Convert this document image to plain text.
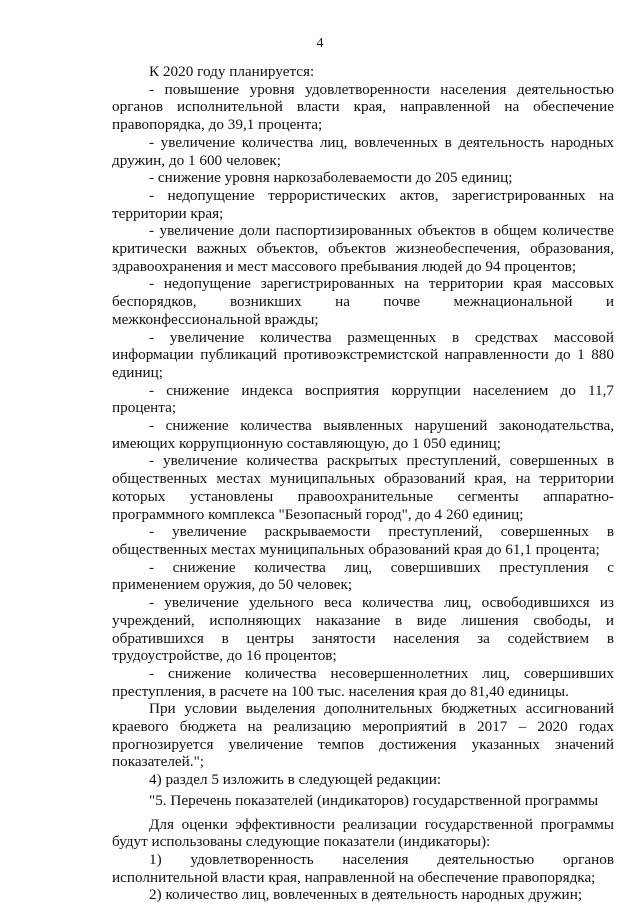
4

К 2020 году планируется:

- повышение уровня удовлетворенности населения деятельностью органов исполнительной власти края, направленной на обеспечение правопорядка, до 39,1 процента;

- увеличение количества лиц, вовлеченных в деятельность народных дружин, до 1 600 человек;

- снижение уровня наркозаболеваемости до 205 единиц;

- недопущение террористических актов, зарегистрированных на территории края;

- увеличение доли паспортизированных объектов в общем количестве критически важных объектов, объектов жизнеобеспечения, образования, здравоохранения и мест массового пребывания людей до 94 процентов;

- недопущение зарегистрированных на территории края массовых беспорядков, возникших на почве межнациональной и межконфессиональной вражды;

- увеличение количества размещенных в средствах массовой информации публикаций противоэкстремистской направленности до 1 880 единиц;

- снижение индекса восприятия коррупции населением до 11,7 процента;

- снижение количества выявленных нарушений законодательства, имеющих коррупционную составляющую, до 1 050 единиц;

- увеличение количества раскрытых преступлений, совершенных в общественных местах муниципальных образований края, на территории которых установлены правоохранительные сегменты аппаратно-программного комплекса "Безопасный город", до 4 260 единиц;

- увеличение раскрываемости преступлений, совершенных в общественных местах муниципальных образований края до 61,1 процента;

- снижение количества лиц, совершивших преступления с применением оружия, до 50 человек;

- увеличение удельного веса количества лиц, освободившихся из учреждений, исполняющих наказание в виде лишения свободы, и обратившихся в центры занятости населения за содействием в трудоустройстве, до 16 процентов;

- снижение количества несовершеннолетних лиц, совершивших преступления, в расчете на 100 тыс. населения края до 81,40 единицы.

При условии выделения дополнительных бюджетных ассигнований краевого бюджета на реализацию мероприятий в 2017 – 2020 годах прогнозируется увеличение темпов достижения указанных значений показателей.";

4) раздел 5 изложить в следующей редакции:

"5. Перечень показателей (индикаторов) государственной программы

Для оценки эффективности реализации государственной программы будут использованы следующие показатели (индикаторы):

1) удовлетворенность населения деятельностью органов исполнительной власти края, направленной на обеспечение правопорядка;

2) количество лиц, вовлеченных в деятельность народных дружин;
